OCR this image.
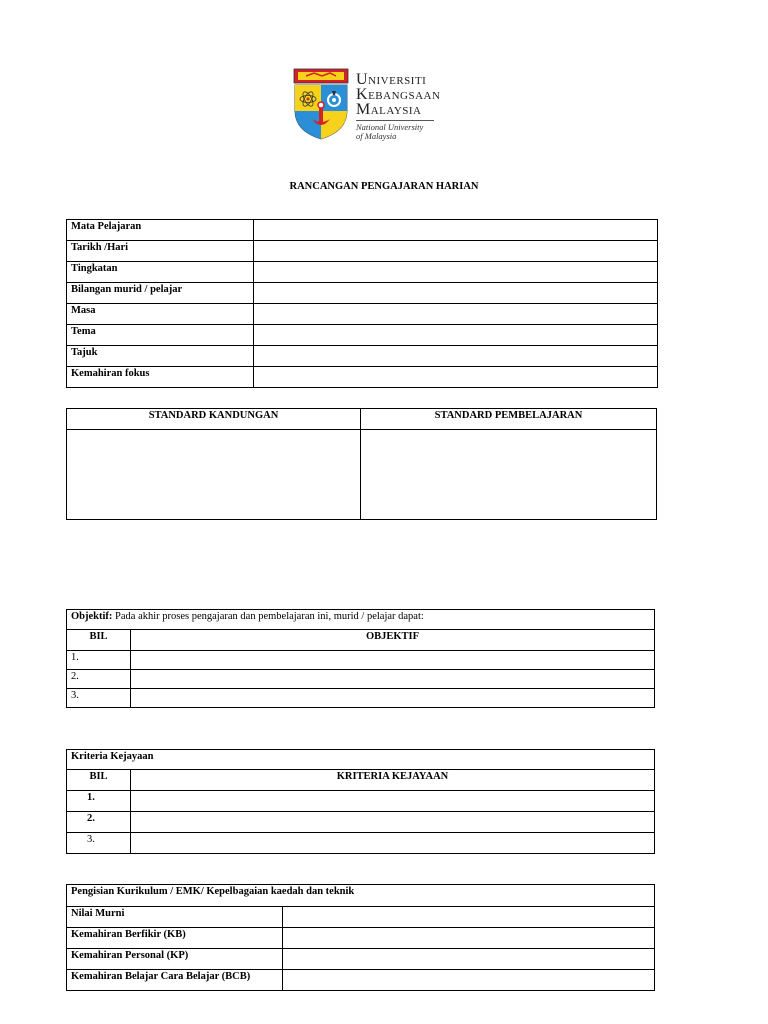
UNIVERSITI
KEBANGSAAN
MALAYSIA
National University
of Malaysia
RANCANGAN PENGAJARAN HARIAN
Mata Pelajaran	
Tarikh /Hari	
Tingkatan	
Bilangan murid / pelajar	
Masa	
Tema	
Tajuk	
Kemahiran fokus	
STANDARD KANDUNGAN	STANDARD PEMBELAJARAN

Objektif: Pada akhir proses pengajaran dan pembelajaran ini, murid / pelajar dapat:	
BIL	OBJEKTIF
1.	
2.	
3.	
Kriteria Kejayaan	
BIL	KRITERIA KEJAYAAN
1.	
2.	
3.	
Pengisian Kurikulum / EMK/ Kepelbagaian kaedah dan teknik	
Nilai Murni	
Kemahiran Berfikir (KB)	
Kemahiran Personal (KP)	
Kemahiran Belajar Cara Belajar (BCB)	
